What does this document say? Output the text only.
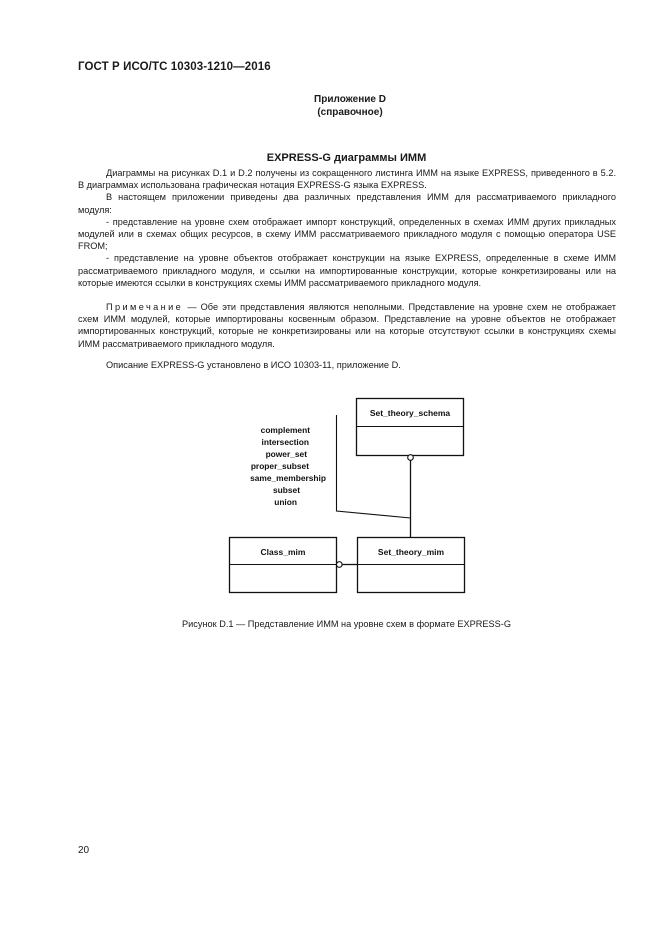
ГОСТ Р ИСО/ТС 10303-1210—2016
Приложение D
(справочное)
EXPRESS-G диаграммы ИММ

Диаграммы на рисунках D.1 и D.2 получены из сокращенного листинга ИММ на языке EXPRESS, приведенного в 5.2. В диаграммах использована графическая нотация EXPRESS-G языка EXPRESS.

В настоящем приложении приведены два различных представления ИММ для рассматриваемого прикладного модуля:

- представление на уровне схем отображает импорт конструкций, определенных в схемах ИММ других прикладных модулей или в схемах общих ресурсов, в схему ИММ рассматриваемого прикладного модуля с помощью оператора USE FROM;

- представление на уровне объектов отображает конструкции на языке EXPRESS, определенные в схеме ИММ рассматриваемого прикладного модуля, и ссылки на импортированные конструкции, которые конкретизированы или на которые имеются ссылки в конструкциях схемы ИММ рассматриваемого прикладного модуля.

Примечание — Обе эти представления являются неполными. Представление на уровне схем не отображает схем ИММ модулей, которые импортированы косвенным образом. Представление на уровне объектов не отображает импортированных конструкций, которые не конкретизированы или на которые отсутствуют ссылки в конструкциях схемы ИММ рассматриваемого прикладного модуля.

Описание EXPRESS-G установлено в ИСО 10303-11, приложение D.

Set_theory_schema
Set_theory_mim
Class_mim
complement
intersection
power_set
proper_subset
same_membership
subset
union
Рисунок D.1 — Представление ИММ на уровне схем в формате EXPRESS-G
20
